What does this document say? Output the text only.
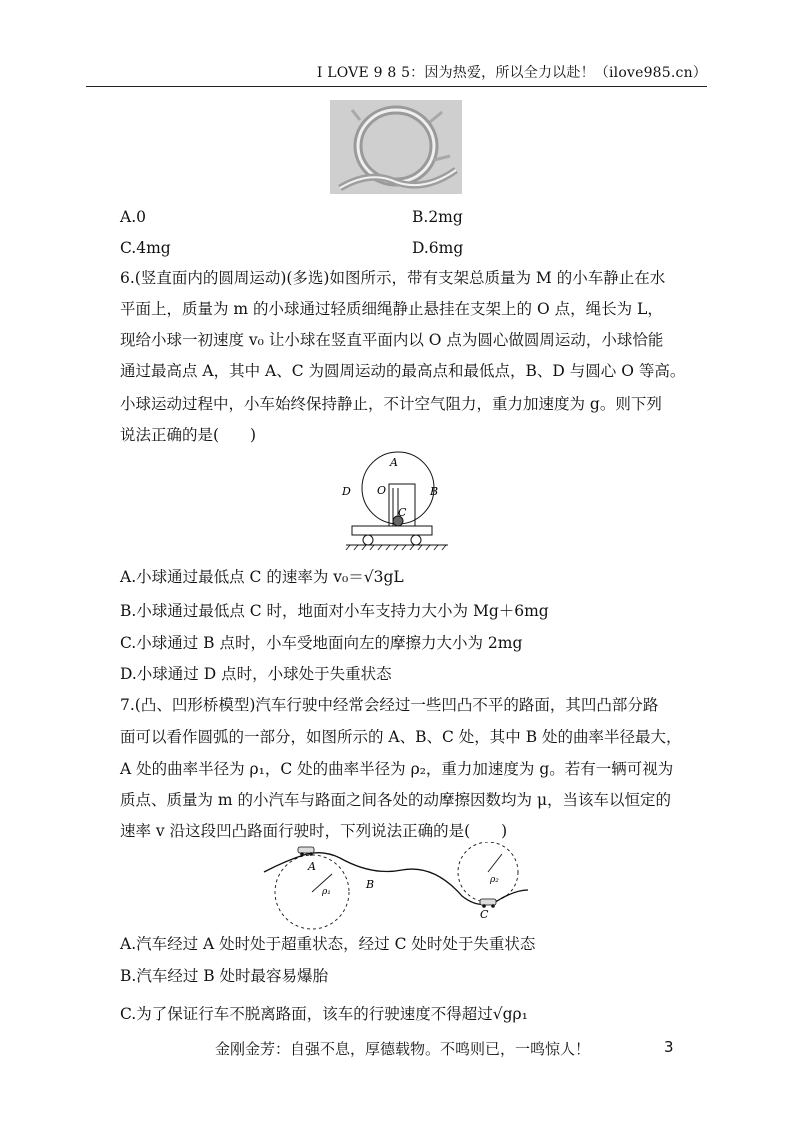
I LOVE 9 8 5：因为热爱，所以全力以赴！（ilove985.cn）
A.0	B.2mg
C.4mg	D.6mg
6.(竖直面内的圆周运动)(多选)如图所示，带有支架总质量为 M 的小车静止在水
平面上，质量为 m 的小球通过轻质细绳静止悬挂在支架上的 O 点，绳长为 L，
现给小球一初速度 v₀ 让小球在竖直平面内以 O 点为圆心做圆周运动，小球恰能
通过最高点 A，其中 A、C 为圆周运动的最高点和最低点，B、D 与圆心 O 等高。
小球运动过程中，小车始终保持静止，不计空气阻力，重力加速度为 g。则下列
说法正确的是(　　)
A
D O	B
C
A.小球通过最低点 C 的速率为 v₀＝√3gL
B.小球通过最低点 C 时，地面对小车支持力大小为 Mg＋6mg
C.小球通过 B 点时，小车受地面向左的摩擦力大小为 2mg
D.小球通过 D 点时，小球处于失重状态
7.(凸、凹形桥模型)汽车行驶中经常会经过一些凹凸不平的路面，其凹凸部分路
面可以看作圆弧的一部分，如图所示的 A、B、C 处，其中 B 处的曲率半径最大，
A 处的曲率半径为 ρ₁，C 处的曲率半径为 ρ₂，重力加速度为 g。若有一辆可视为
质点、质量为 m 的小汽车与路面之间各处的动摩擦因数均为 μ，当该车以恒定的
速率 v 沿这段凹凸路面行驶时，下列说法正确的是(　　)
A
B
C
ρ₁
ρ₂
A.汽车经过 A 处时处于超重状态，经过 C 处时处于失重状态
B.汽车经过 B 处时最容易爆胎
C.为了保证行车不脱离路面，该车的行驶速度不得超过√gρ₁
金刚金芳：自强不息，厚德载物。不鸣则已，一鸣惊人！	3
